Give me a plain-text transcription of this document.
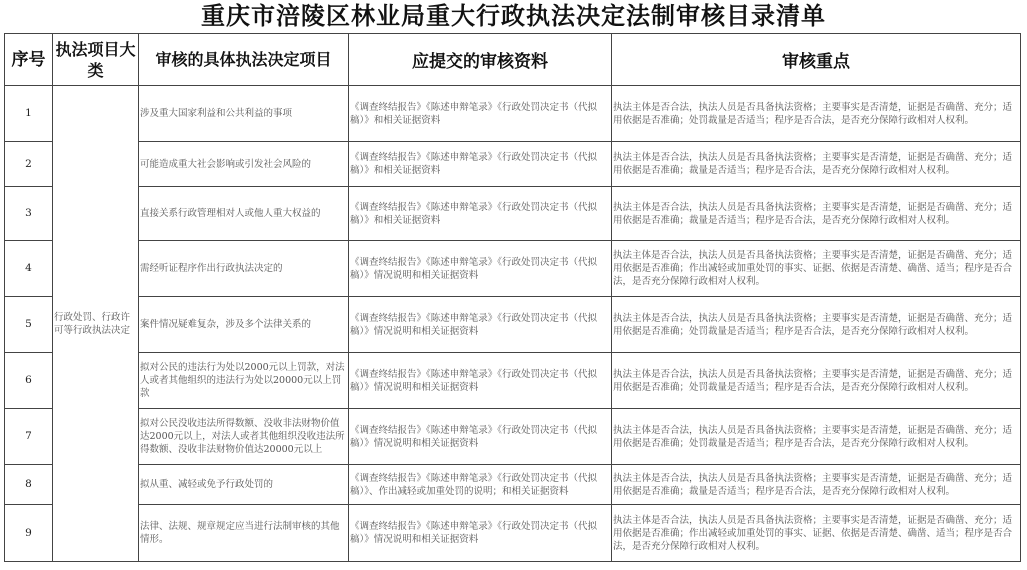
重庆市涪陵区林业局重大行政执法决定法制审核目录清单
序号	执法项目大类	审核的具体执法决定项目	应提交的审核资料	审核重点
1	行政处罚、行政许可等行政执法决定	涉及重大国家利益和公共利益的事项	《调查终结报告》《陈述申辩笔录》《行政处罚决定书（代拟稿）》和相关证据资料	执法主体是否合法，执法人员是否具备执法资格；主要事实是否清楚，证据是否确凿、充分；适用依据是否准确；处罚裁量是否适当；程序是否合法，是否充分保障行政相对人权利。
2		可能造成重大社会影响或引发社会风险的	《调查终结报告》《陈述申辩笔录》《行政处罚决定书（代拟稿）》和相关证据资料	执法主体是否合法，执法人员是否具备执法资格；主要事实是否清楚，证据是否确凿、充分；适用依据是否准确；裁量是否适当；程序是否合法，是否充分保障行政相对人权利。
3		直接关系行政管理相对人或他人重大权益的	《调查终结报告》《陈述申辩笔录》《行政处罚决定书（代拟稿）》和相关证据资料	执法主体是否合法，执法人员是否具备执法资格；主要事实是否清楚，证据是否确凿、充分；适用依据是否准确；裁量是否适当；程序是否合法，是否充分保障行政相对人权利。
4		需经听证程序作出行政执法决定的	《调查终结报告》《陈述申辩笔录》《行政处罚决定书（代拟稿）》情况说明和相关证据资料	执法主体是否合法，执法人员是否具备执法资格；主要事实是否清楚，证据是否确凿、充分；适用依据是否准确；作出减轻或加重处罚的事实、证据、依据是否清楚、确凿、适当；程序是否合法，是否充分保障行政相对人权利。
5		案件情况疑难复杂，涉及多个法律关系的	《调查终结报告》《陈述申辩笔录》《行政处罚决定书（代拟稿）》情况说明和相关证据资料	执法主体是否合法，执法人员是否具备执法资格；主要事实是否清楚，证据是否确凿、充分；适用依据是否准确；处罚裁量是否适当；程序是否合法，是否充分保障行政相对人权利。
6		拟对公民的违法行为处以2000元以上罚款，对法人或者其他组织的违法行为处以20000元以上罚款	《调查终结报告》《陈述申辩笔录》《行政处罚决定书（代拟稿）》情况说明和相关证据资料	执法主体是否合法，执法人员是否具备执法资格；主要事实是否清楚，证据是否确凿、充分；适用依据是否准确；处罚裁量是否适当；程序是否合法，是否充分保障行政相对人权利。
7		拟对公民没收违法所得数额、没收非法财物价值达2000元以上，对法人或者其他组织没收违法所得数额、没收非法财物价值达20000元以上	《调查终结报告》《陈述申辩笔录》《行政处罚决定书（代拟稿）》情况说明和相关证据资料	执法主体是否合法，执法人员是否具备执法资格；主要事实是否清楚，证据是否确凿、充分；适用依据是否准确；处罚裁量是否适当；程序是否合法，是否充分保障行政相对人权利。
8		拟从重、减轻或免予行政处罚的	《调查终结报告》《陈述申辩笔录》《行政处罚决定书（代拟稿）》、作出减轻或加重处罚的说明；和相关证据资料	执法主体是否合法，执法人员是否具备执法资格；主要事实是否清楚，证据是否确凿、充分；适用依据是否准确；裁量是否适当；程序是否合法，是否充分保障行政相对人权利。
9		法律、法规、规章规定应当进行法制审核的其他情形。	《调查终结报告》《陈述申辩笔录》《行政处罚决定书（代拟稿）》情况说明和相关证据资料	执法主体是否合法，执法人员是否具备执法资格；主要事实是否清楚，证据是否确凿、充分；适用依据是否准确；作出减轻或加重处罚的事实、证据、依据是否清楚、确凿、适当；程序是否合法，是否充分保障行政相对人权利。
